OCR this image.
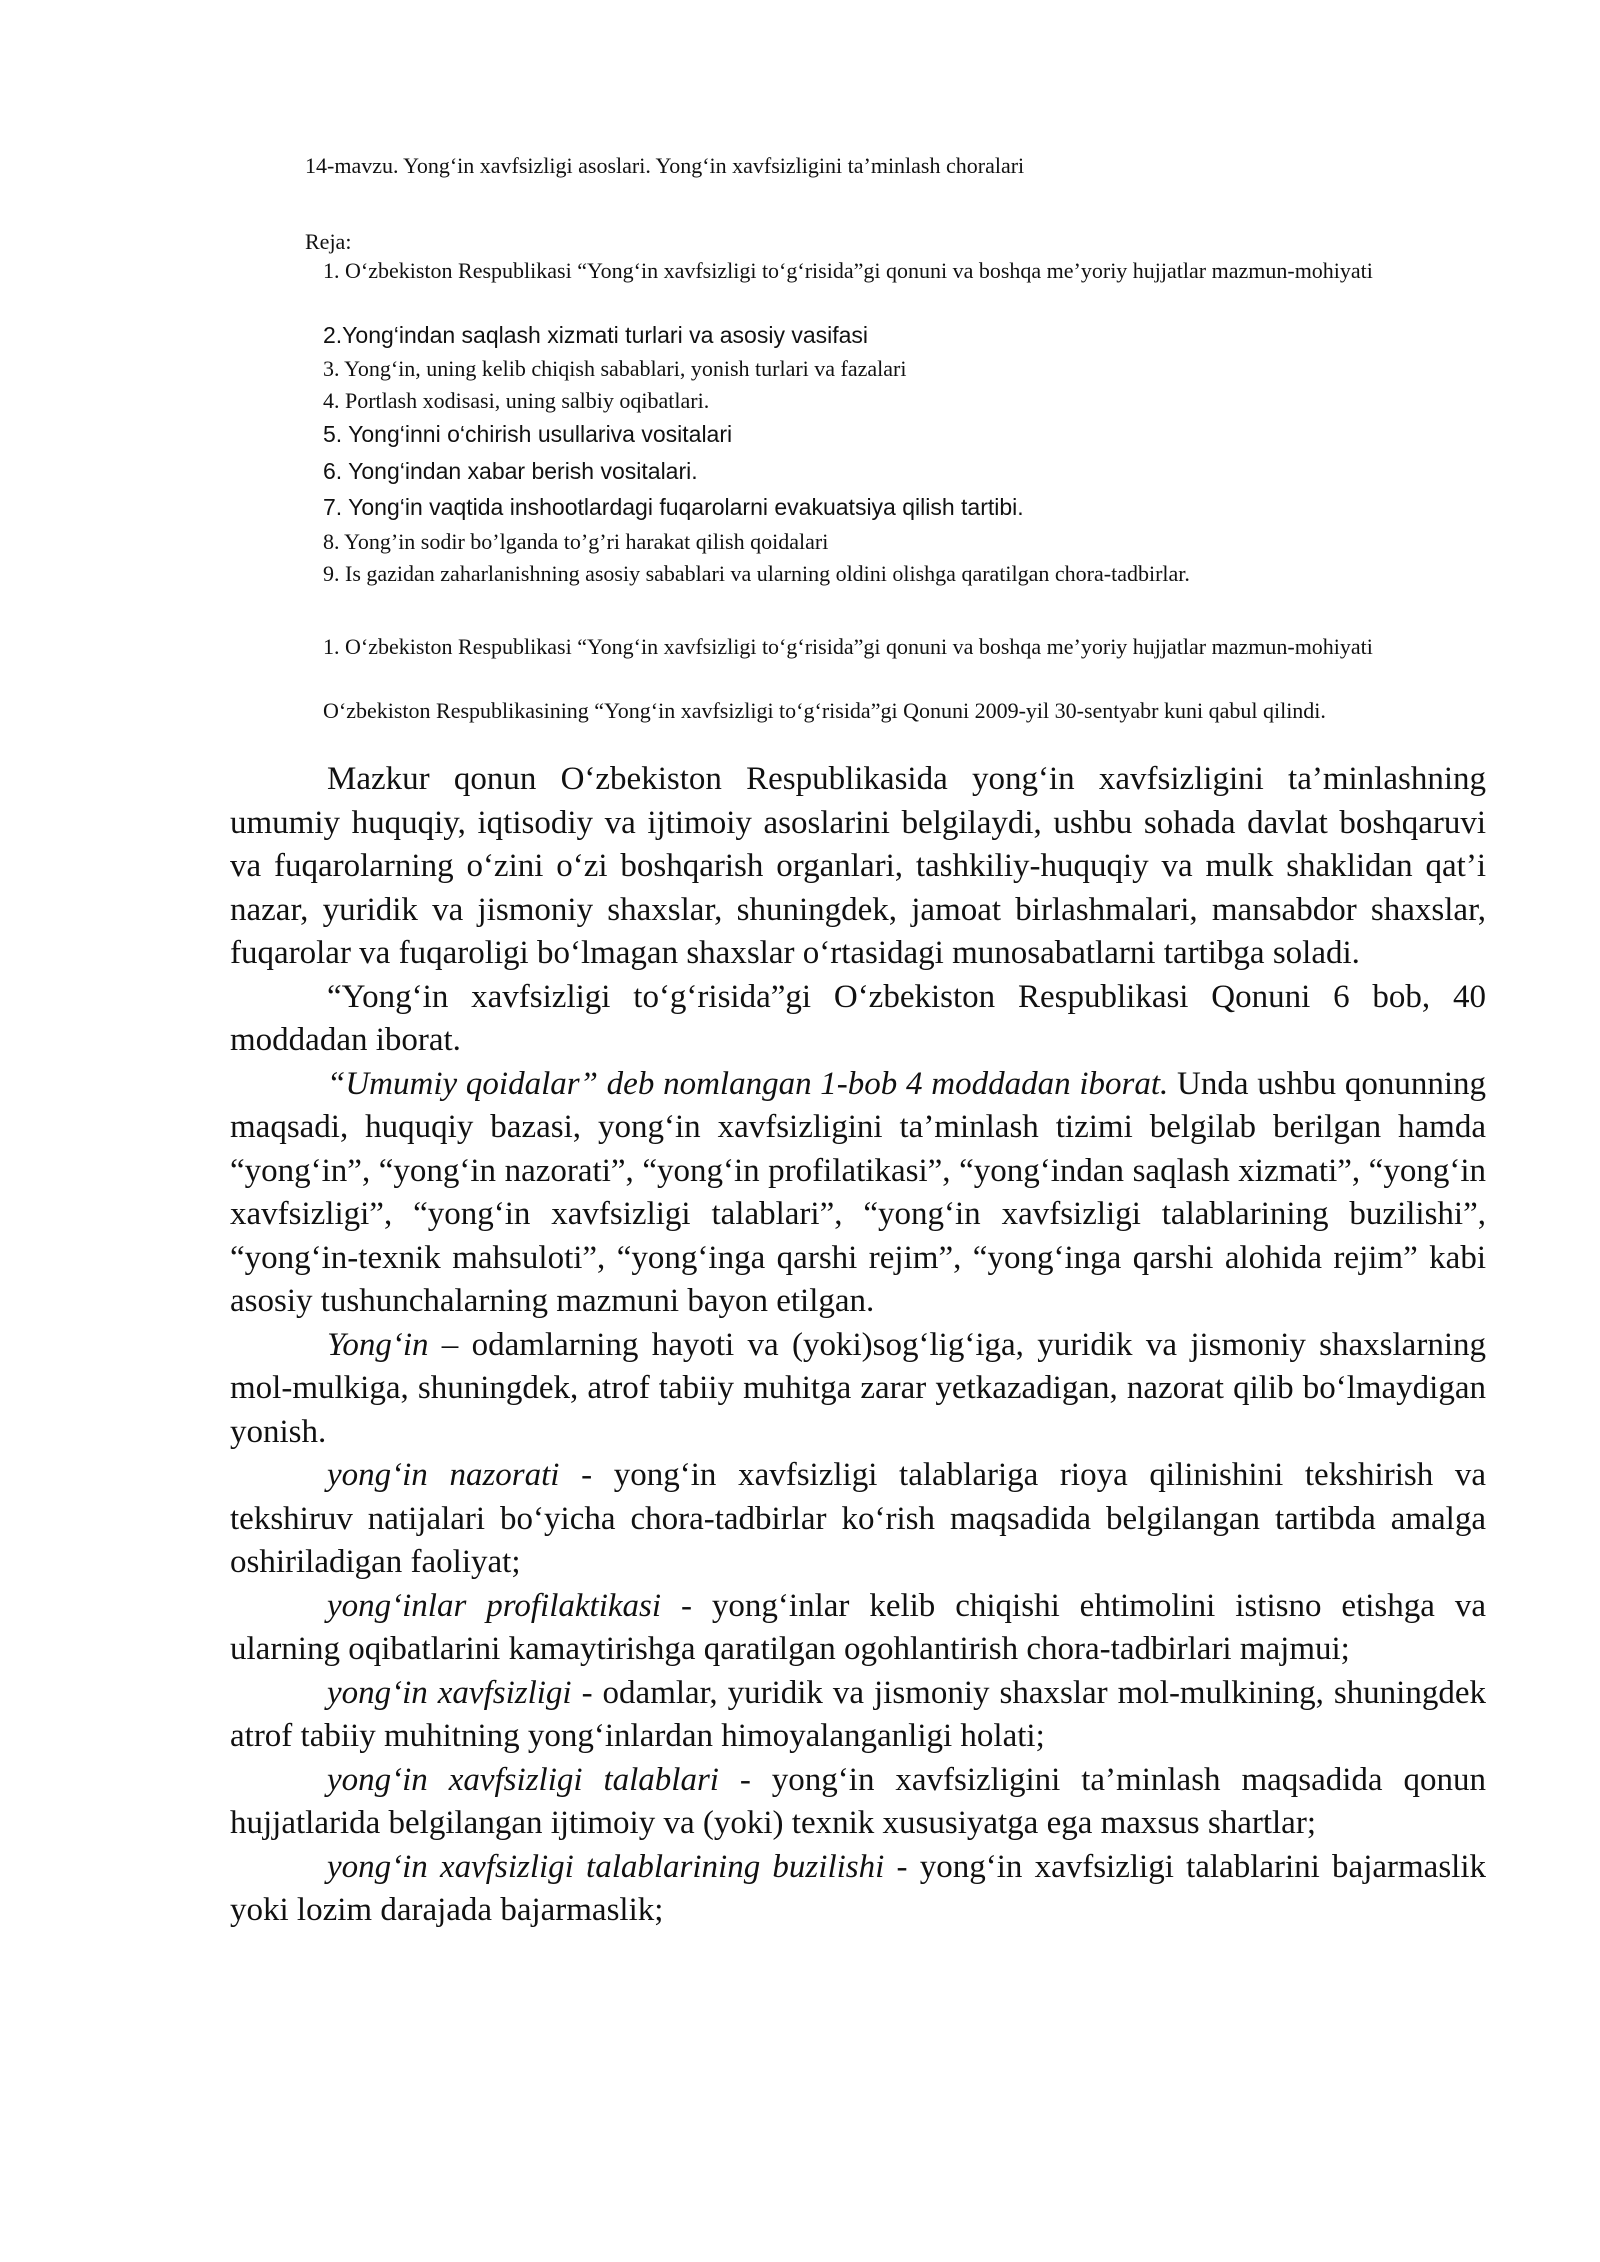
14-mavzu. Yong‘in xavfsizligi asoslari. Yong‘in xavfsizligini ta’minlash choralari
Reja:
1. O‘zbekiston Respublikasi “Yong‘in xavfsizligi to‘g‘risida”gi qonuni va boshqa me’yoriy hujjatlar mazmun-mohiyati
2.Yong‘indan saqlash xizmati turlari va asosiy vasifasi
3. Yong‘in, uning kelib chiqish sabablari, yonish turlari va fazalari
4. Portlash xodisasi, uning salbiy oqibatlari.
5. Yong‘inni o‘chirish usullariva vositalari
6. Yong‘indan xabar berish vositalari.
7. Yong‘in vaqtida inshootlardagi fuqarolarni evakuatsiya qilish tartibi.
8. Yong’in sodir bo’lganda to’g’ri harakat qilish qoidalari
9. Is gazidan zaharlanishning asosiy sabablari va ularning oldini olishga qaratilgan chora-tadbirlar.
1. O‘zbekiston Respublikasi “Yong‘in xavfsizligi to‘g‘risida”gi qonuni va boshqa me’yoriy hujjatlar mazmun-mohiyati
O‘zbekiston Respublikasining “Yong‘in xavfsizligi to‘g‘risida”gi Qonuni 2009-yil 30-sentyabr kuni qabul qilindi.

Mazkur qonun O‘zbekiston Respublikasida yong‘in xavfsizligini ta’minlashning umumiy huquqiy, iqtisodiy va ijtimoiy asoslarini belgilaydi, ushbu sohada davlat boshqaruvi va fuqarolarning o‘zini o‘zi boshqarish organlari, tashkiliy-huquqiy va mulk shaklidan qat’i nazar, yuridik va jismoniy shaxslar, shuningdek, jamoat birlashmalari, mansabdor shaxslar, fuqarolar va fuqaroligi bo‘lmagan shaxslar o‘rtasidagi munosabatlarni tartibga soladi.

“Yong‘in xavfsizligi to‘g‘risida”gi O‘zbekiston Respublikasi Qonuni 6 bob, 40 moddadan iborat.

“Umumiy qoidalar” deb nomlangan 1-bob 4 moddadan iborat. Unda ushbu qonunning maqsadi, huquqiy bazasi, yong‘in xavfsizligini ta’minlash tizimi belgilab berilgan hamda “yong‘in”, “yong‘in nazorati”, “yong‘in profilatikasi”, “yong‘indan saqlash xizmati”, “yong‘in xavfsizligi”, “yong‘in xavfsizligi talablari”, “yong‘in xavfsizligi talablarining buzilishi”, “yong‘in-texnik mahsuloti”, “yong‘inga qarshi rejim”, “yong‘inga qarshi alohida rejim” kabi asosiy tushunchalarning mazmuni bayon etilgan.

Yong‘in – odamlarning hayoti va (yoki)sog‘lig‘iga, yuridik va jismoniy shaxslarning mol-mulkiga, shuningdek, atrof tabiiy muhitga zarar yetkazadigan, nazorat qilib bo‘lmaydigan yonish.

yong‘in nazorati - yong‘in xavfsizligi talablariga rioya qilinishini tekshirish va tekshiruv natijalari bo‘yicha chora-tadbirlar ko‘rish maqsadida belgilangan tartibda amalga oshiriladigan faoliyat;

yong‘inlar profilaktikasi - yong‘inlar kelib chiqishi ehtimolini istisno etishga va ularning oqibatlarini kamaytirishga qaratilgan ogohlantirish chora-tadbirlari majmui;

yong‘in xavfsizligi - odamlar, yuridik va jismoniy shaxslar mol-mulkining, shuningdek atrof tabiiy muhitning yong‘inlardan himoyalanganligi holati;

yong‘in xavfsizligi talablari - yong‘in xavfsizligini ta’minlash maqsadida qonun hujjatlarida belgilangan ijtimoiy va (yoki) texnik xususiyatga ega maxsus shartlar;

yong‘in xavfsizligi talablarining buzilishi - yong‘in xavfsizligi talablarini bajarmaslik yoki lozim darajada bajarmaslik;
